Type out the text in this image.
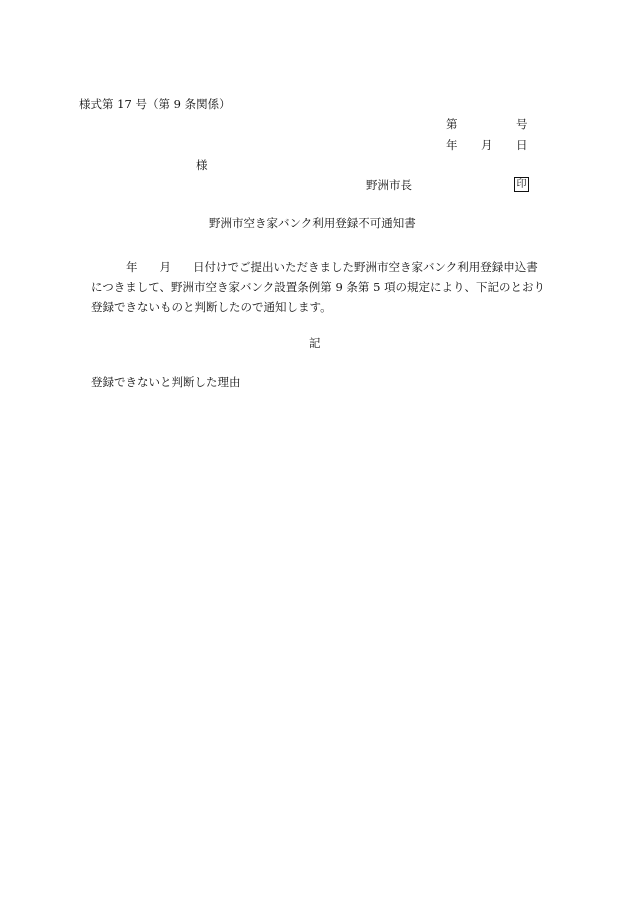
様式第 17 号（第 9 条関係）
第	号
年 月 日
様
野洲市長	印
野洲市空き家バンク利用登録不可通知書
年 月 日付けでご提出いただきました野洲市空き家バンク利用登録申込書
につきまして、野洲市空き家バンク設置条例第 9 条第 5 項の規定により、下記のとおり
登録できないものと判断したので通知します。
記
登録できないと判断した理由
